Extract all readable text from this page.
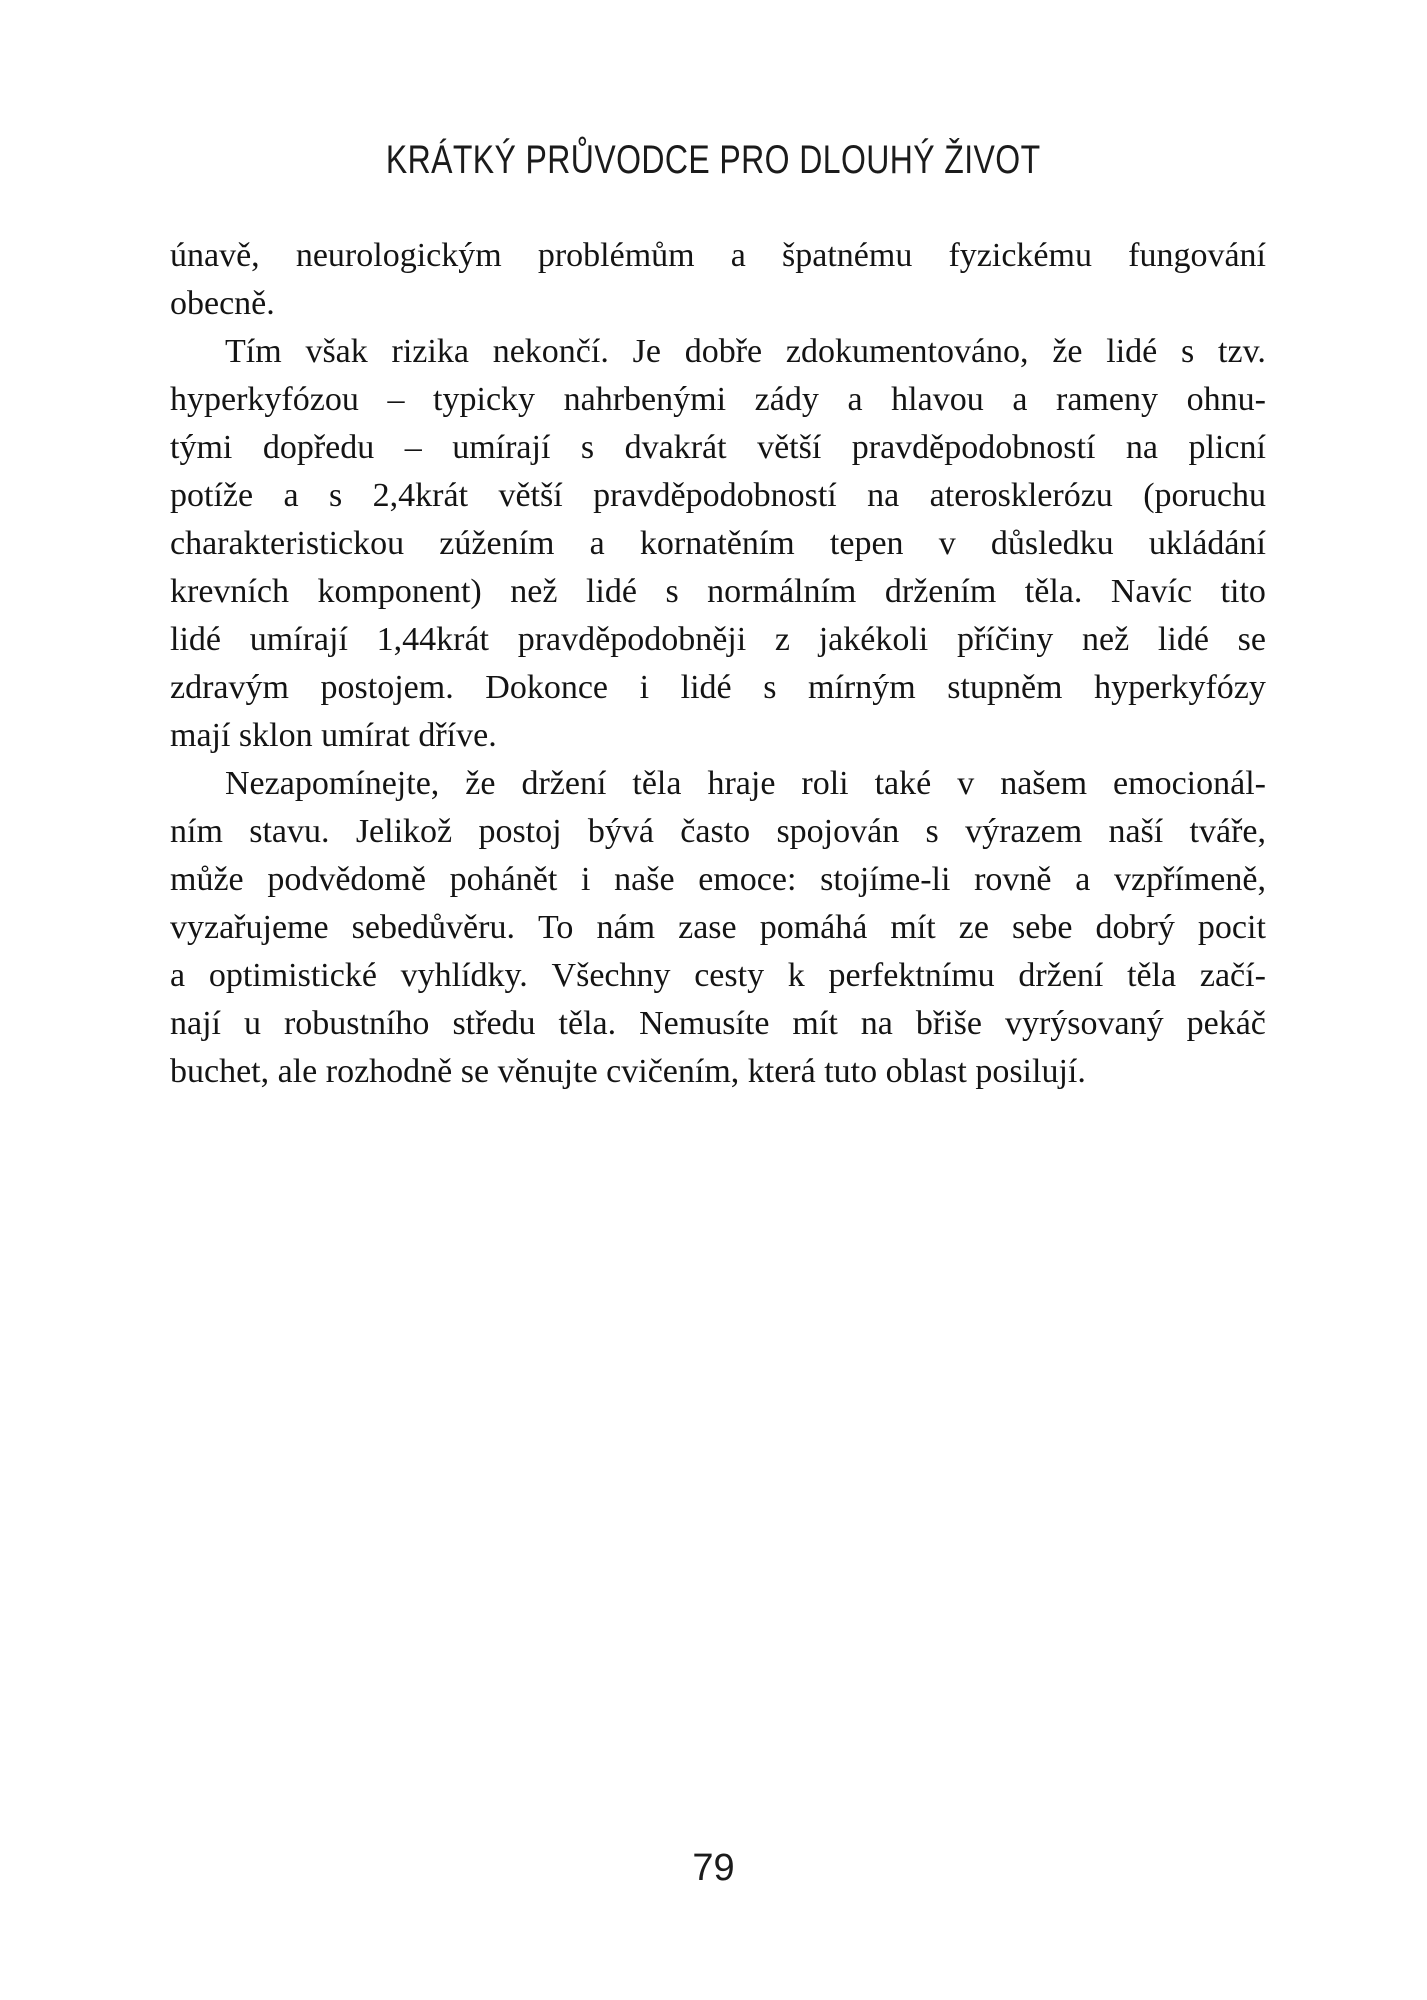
KRÁTKÝ PRŮVODCE PRO DLOUHÝ ŽIVOT
únavě, neurologickým problémům a špatnému fyzickému fungování
obecně.
Tím však rizika nekončí. Je dobře zdokumentováno, že lidé s tzv.
hyperkyfózou – typicky nahrbenými zády a hlavou a rameny ohnu-
tými dopředu – umírají s dvakrát větší pravděpodobností na plicní
potíže a s 2,4krát větší pravděpodobností na aterosklerózu (poruchu
charakteristickou zúžením a kornatěním tepen v důsledku ukládání
krevních komponent) než lidé s normálním držením těla. Navíc tito
lidé umírají 1,44krát pravděpodobněji z jakékoli příčiny než lidé se
zdravým postojem. Dokonce i lidé s mírným stupněm hyperkyfózy
mají sklon umírat dříve.
Nezapomínejte, že držení těla hraje roli také v našem emocionál-
ním stavu. Jelikož postoj bývá často spojován s výrazem naší tváře,
může podvědomě pohánět i naše emoce: stojíme-li rovně a vzpřímeně,
vyzařujeme sebedůvěru. To nám zase pomáhá mít ze sebe dobrý pocit
a optimistické vyhlídky. Všechny cesty k perfektnímu držení těla začí-
nají u robustního středu těla. Nemusíte mít na břiše vyrýsovaný pekáč
buchet, ale rozhodně se věnujte cvičením, která tuto oblast posilují.
79
